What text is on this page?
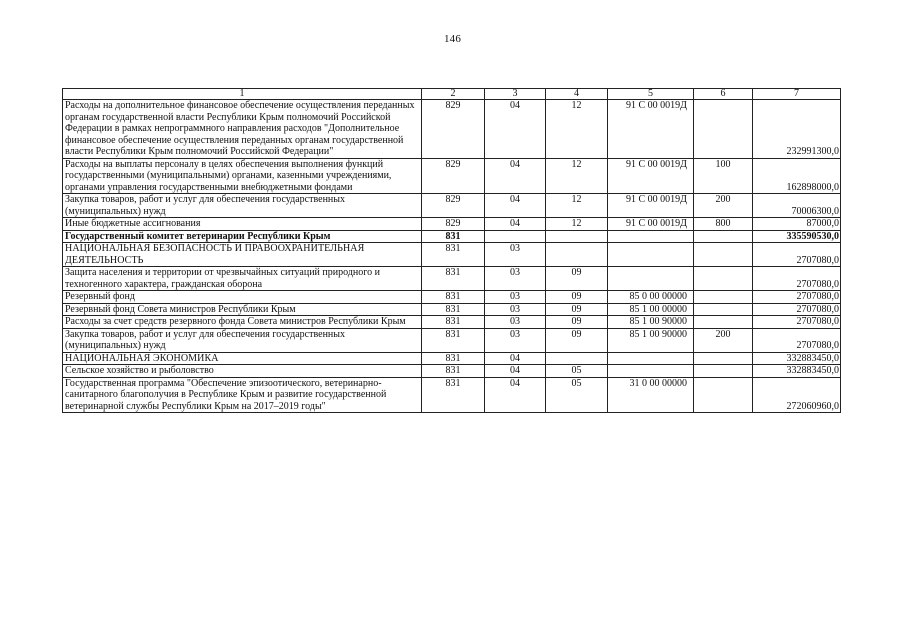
146
1	2	3	4	5	6	7
Расходы на дополнительное финансовое обеспечение осуществления переданных органам государственной власти Республики Крым полномочий Российской Федерации в рамках непрограммного направления расходов "Дополнительное финансовое обеспечение осуществления переданных органам государственной власти Республики Крым полномочий Российской Федерации"	829	04	12	91 С 00 0019Д		232991300,0
Расходы на выплаты персоналу в целях обеспечения выполнения функций государственными (муниципальными) органами, казенными учреждениями, органами управления государственными внебюджетными фондами	829	04	12	91 С 00 0019Д	100	162898000,0
Закупка товаров, работ и услуг для обеспечения государственных (муниципальных) нужд	829	04	12	91 С 00 0019Д	200	70006300,0
Иные бюджетные ассигнования	829	04	12	91 С 00 0019Д	800	87000,0
Государственный комитет ветеринарии Республики Крым	831					335590530,0
НАЦИОНАЛЬНАЯ БЕЗОПАСНОСТЬ И ПРАВООХРАНИТЕЛЬНАЯ ДЕЯТЕЛЬНОСТЬ	831	03				2707080,0
Защита населения и территории от чрезвычайных ситуаций природного и техногенного характера, гражданская оборона	831	03	09			2707080,0
Резервный фонд	831	03	09	85 0 00 00000		2707080,0
Резервный фонд Совета министров Республики Крым	831	03	09	85 1 00 00000		2707080,0
Расходы за счет средств резервного фонда Совета министров Республики Крым	831	03	09	85 1 00 90000		2707080,0
Закупка товаров, работ и услуг для обеспечения государственных (муниципальных) нужд	831	03	09	85 1 00 90000	200	2707080,0
НАЦИОНАЛЬНАЯ ЭКОНОМИКА	831	04				332883450,0
Сельское хозяйство и рыболовство	831	04	05			332883450,0
Государственная программа "Обеспечение эпизоотического, ветеринарно-санитарного благополучия в Республике Крым и развитие государственной ветеринарной службы Республики Крым на 2017–2019 годы"	831	04	05	31 0 00 00000		272060960,0
